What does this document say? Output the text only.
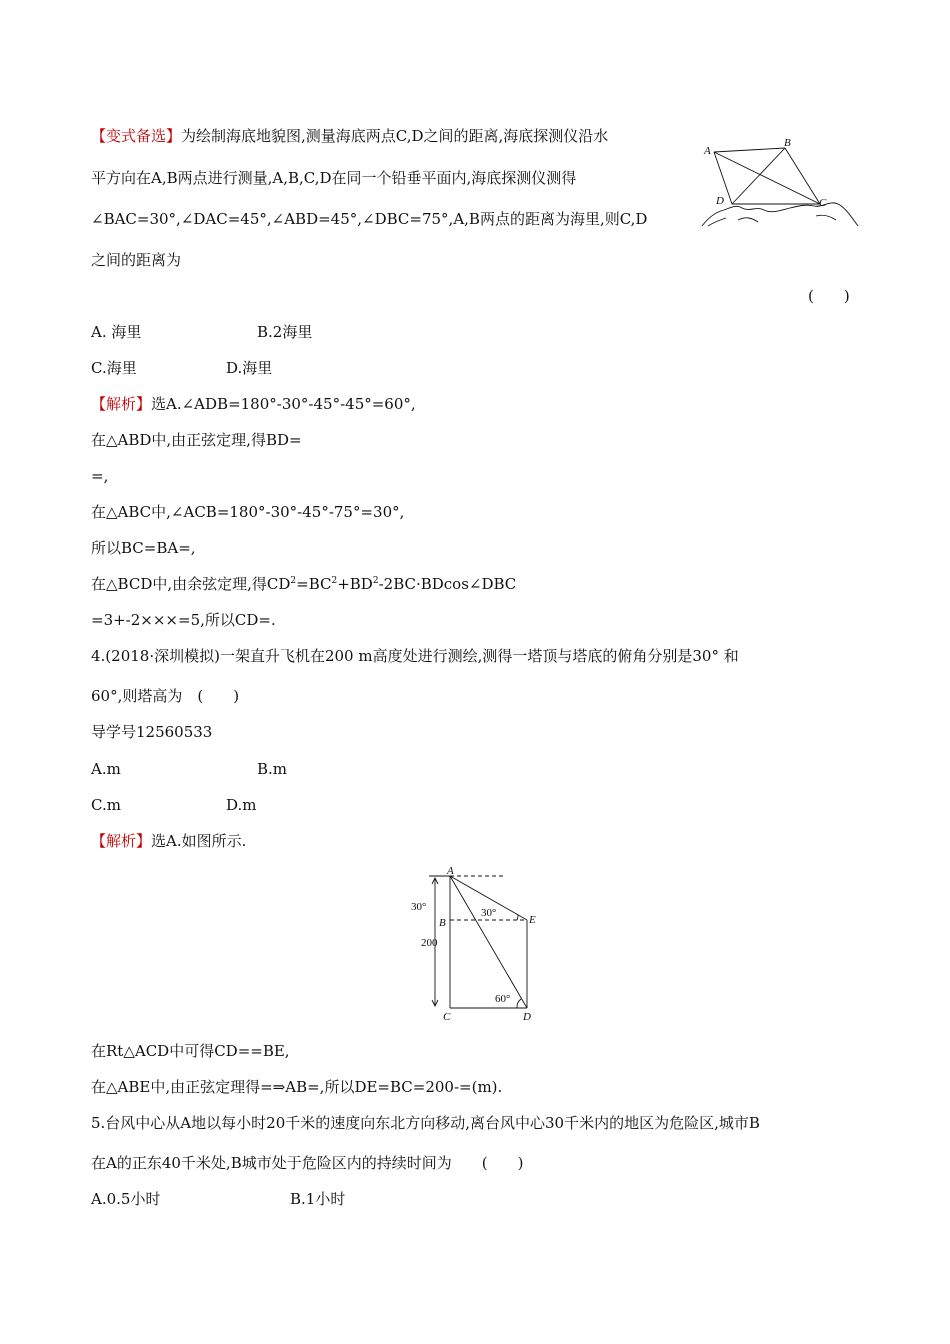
【变式备选】为绘制海底地貌图,测量海底两点C,D之间的距离,海底探测仪沿水
平方向在A,B两点进行测量,A,B,C,D在同一个铅垂平面内,海底探测仪测得
∠BAC=30°,∠DAC=45°,∠ABD=45°,∠DBC=75°,A,B两点的距离为海里,则C,D
之间的距离为
(　　)
A. 海里	B.2海里
C.海里	D.海里
A
B
D	C
【解析】选A.∠ADB=180°-30°-45°-45°=60°,
在△ABD中,由正弦定理,得BD=
=,
在△ABC中,∠ACB=180°-30°-45°-75°=30°,
所以BC=BA=,
在△BCD中,由余弦定理,得$CD^2=BC^2+BD^2-2BC\cdot BDcos\angle DBC$
=3+-2×××=5,所以CD=.
4.(2018·深圳模拟)一架直升飞机在200 m高度处进行测绘,测得一塔顶与塔底的俯角分别是30° 和
60°,则塔高为　(　　)
导学号12560533
A.m	B.m
C.m	D.m
【解析】选A.如图所示.
A
B
C	D
E
30°	30°
60°
200
在Rt△ACD中可得CD==BE,
在△ABE中,由正弦定理得=⇒AB=,所以DE=BC=200-=(m).
5.台风中心从A地以每小时20千米的速度向东北方向移动,离台风中心30千米内的地区为危险区,城市B
在A的正东40千米处,B城市处于危险区内的持续时间为　　(　　)
A.0.5小时	B.1小时
